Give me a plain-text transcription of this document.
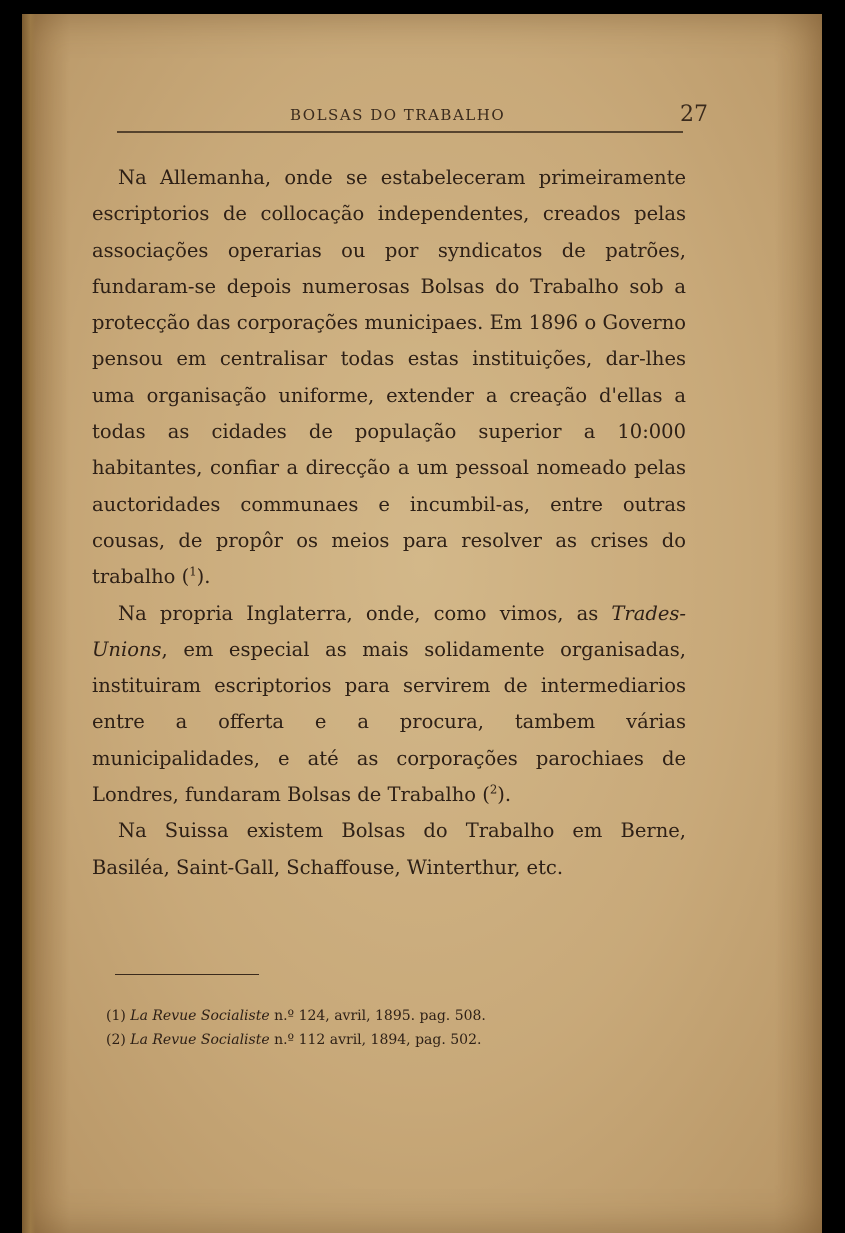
BOLSAS DO TRABALHO	27

Na Allemanha, onde se estabeleceram primeiramente escriptorios de collocação independentes, creados pelas associações operarias ou por syndicatos de patrões, fundaram-se depois numerosas Bolsas do Trabalho sob a protecção das corporações municipaes. Em 1896 o Governo pensou em centralisar todas estas instituições, dar-lhes uma organisação uniforme, extender a creação d'ellas a todas as cidades de população superior a 10:000 habitantes, confiar a direcção a um pessoal nomeado pelas auctoridades communaes e incumbil-as, entre outras cousas, de propôr os meios para resolver as crises do trabalho ($^1$).

Na propria Inglaterra, onde, como vimos, as Trades-Unions, em especial as mais solidamente organisadas, instituiram escriptorios para servirem de intermediarios entre a offerta e a procura, tambem várias municipalidades, e até as corporações parochiaes de Londres, fundaram Bolsas de Trabalho ($^2$).

Na Suissa existem Bolsas do Trabalho em Berne, Basiléa, Saint-Gall, Schaffouse, Winterthur, etc.

(1) La Revue Socialiste n.º 124, avril, 1895. pag. 508.
(2) La Revue Socialiste n.º 112 avril, 1894, pag. 502.
